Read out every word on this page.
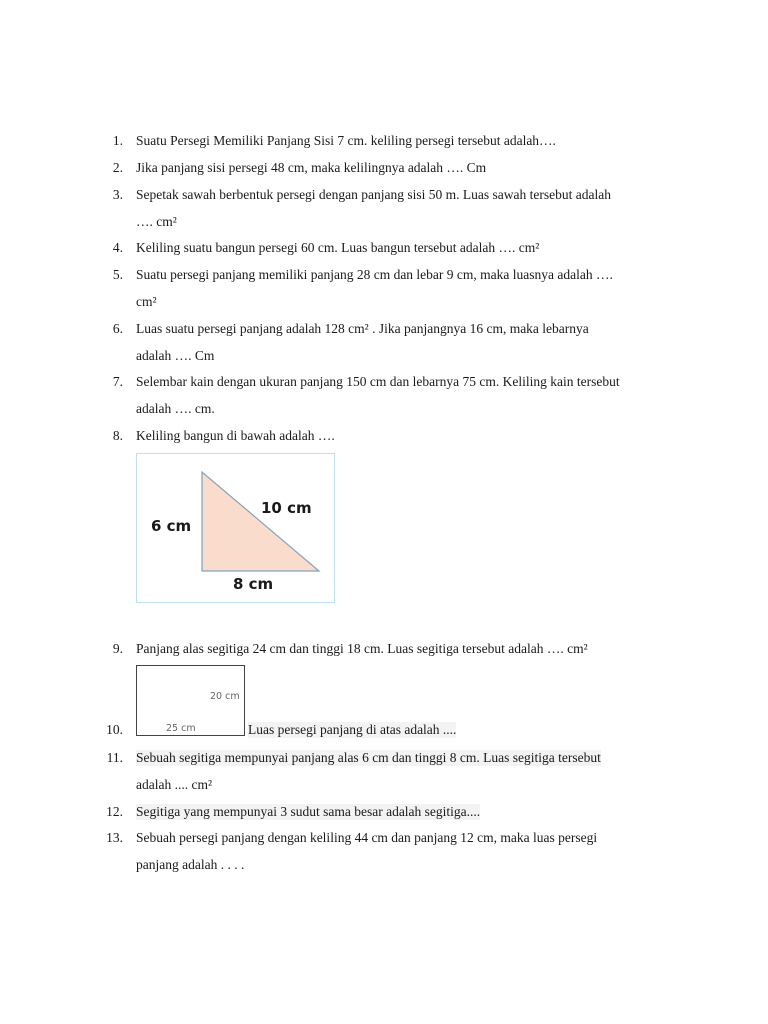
1. Suatu Persegi Memiliki Panjang Sisi 7 cm. keliling persegi tersebut adalah….
2. Jika panjang sisi persegi 48 cm, maka kelilingnya adalah …. Cm
3. Sepetak sawah berbentuk persegi dengan panjang sisi 50 m. Luas sawah tersebut adalah
…. cm²
4. Keliling suatu bangun persegi 60 cm. Luas bangun tersebut adalah …. cm²
5. Suatu persegi panjang memiliki panjang 28 cm dan lebar 9 cm, maka luasnya adalah ….
cm²
6. Luas suatu persegi panjang adalah 128 cm² . Jika panjangnya 16 cm, maka lebarnya
adalah …. Cm
7. Selembar kain dengan ukuran panjang 150 cm dan lebarnya 75 cm. Keliling kain tersebut
adalah …. cm.
8. Keliling bangun di bawah adalah ….
6 cm
10 cm
8 cm
9. Panjang alas segitiga 24 cm dan tinggi 18 cm. Luas segitiga tersebut adalah …. cm²
20 cm
25 cm
10.	Luas persegi panjang di atas adalah ....
11. Sebuah segitiga mempunyai panjang alas 6 cm dan tinggi 8 cm. Luas segitiga tersebut
adalah .... cm²
12. Segitiga yang mempunyai 3 sudut sama besar adalah segitiga....
13. Sebuah persegi panjang dengan keliling 44 cm dan panjang 12 cm, maka luas persegi
panjang adalah . . . .
